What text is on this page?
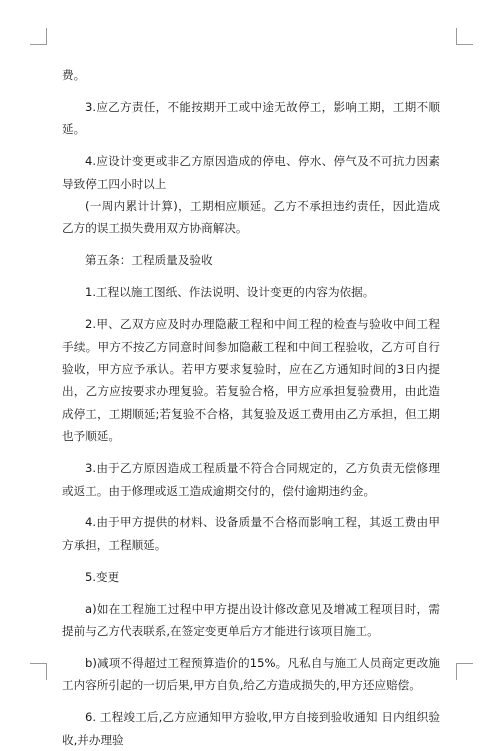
费。

3.应乙方责任，不能按期开工或中途无故停工，影响工期，工期不顺延。

4.应设计变更或非乙方原因造成的停电、停水、停气及不可抗力因素导致停工四小时以上

(一周内累计计算)，工期相应顺延。乙方不承担违约责任，因此造成乙方的误工损失费用双方协商解决。

第五条：工程质量及验收

1.工程以施工图纸、作法说明、设计变更的内容为依据。

2.甲、乙双方应及时办理隐蔽工程和中间工程的检查与验收中间工程手续。甲方不按乙方同意时间参加隐蔽工程和中间工程验收，乙方可自行验收，甲方应予承认。若甲方要求复验时，应在乙方通知时间的3日内提出，乙方应按要求办理复验。若复验合格，甲方应承担复验费用，由此造成停工，工期顺延;若复验不合格，其复验及返工费用由乙方承担，但工期也予顺延。

3.由于乙方原因造成工程质量不符合合同规定的，乙方负责无偿修理或返工。由于修理或返工造成逾期交付的，偿付逾期违约金。

4.由于甲方提供的材料、设备质量不合格而影响工程，其返工费由甲方承担，工程顺延。

5.变更

a)如在工程施工过程中甲方提出设计修改意见及增减工程项目时，需提前与乙方代表联系,在签定变更单后方才能进行该项目施工。

b)减项不得超过工程预算造价的15%。凡私自与施工人员商定更改施工内容所引起的一切后果,甲方自负,给乙方造成损失的,甲方还应赔偿。

6. 工程竣工后,乙方应通知甲方验收,甲方自接到验收通知 日内组织验收,并办理验
